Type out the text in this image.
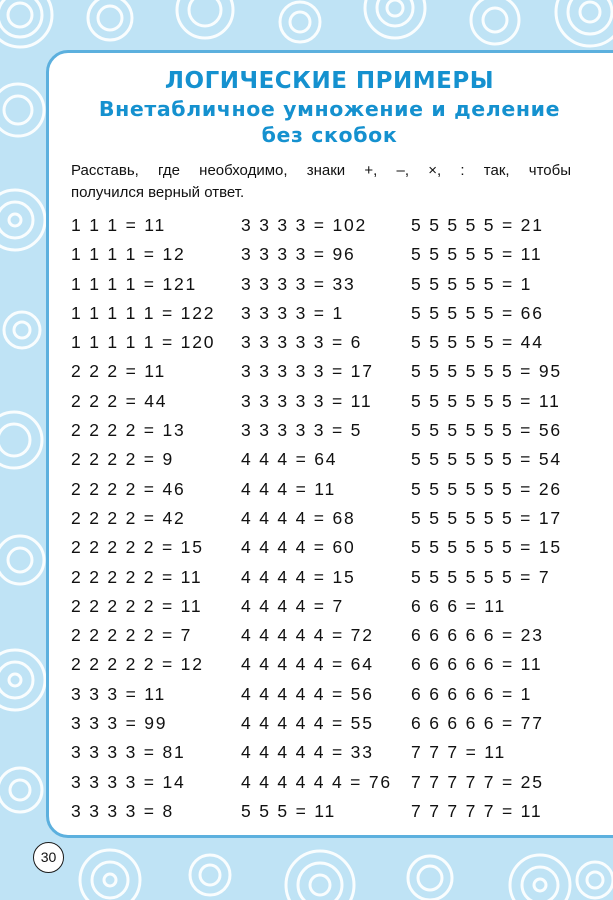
ЛОГИЧЕСКИЕ ПРИМЕРЫ
Внетабличное умножение и деление
без скобок
Расставь, где необходимо, знаки +, –, ×, : так, чтобы
получился верный ответ.
1 1 1 = 11
1 1 1 1 = 12
1 1 1 1 = 121
1 1 1 1 1 = 122
1 1 1 1 1 = 120
2 2 2 = 11
2 2 2 = 44
2 2 2 2 = 13
2 2 2 2 = 9
2 2 2 2 = 46
2 2 2 2 = 42
2 2 2 2 2 = 15
2 2 2 2 2 = 11
2 2 2 2 2 = 11
2 2 2 2 2 = 7
2 2 2 2 2 = 12
3 3 3 = 11
3 3 3 = 99
3 3 3 3 = 81
3 3 3 3 = 14
3 3 3 3 = 8
3 3 3 3 = 102
3 3 3 3 = 96
3 3 3 3 = 33
3 3 3 3 = 1
3 3 3 3 3 = 6
3 3 3 3 3 = 17
3 3 3 3 3 = 11
3 3 3 3 3 = 5
4 4 4 = 64
4 4 4 = 11
4 4 4 4 = 68
4 4 4 4 = 60
4 4 4 4 = 15
4 4 4 4 = 7
4 4 4 4 4 = 72
4 4 4 4 4 = 64
4 4 4 4 4 = 56
4 4 4 4 4 = 55
4 4 4 4 4 = 33
4 4 4 4 4 4 = 76
5 5 5 = 11
5 5 5 5 5 = 21
5 5 5 5 5 = 11
5 5 5 5 5 = 1
5 5 5 5 5 = 66
5 5 5 5 5 = 44
5 5 5 5 5 5 = 95
5 5 5 5 5 5 = 11
5 5 5 5 5 5 = 56
5 5 5 5 5 5 = 54
5 5 5 5 5 5 = 26
5 5 5 5 5 5 = 17
5 5 5 5 5 5 = 15
5 5 5 5 5 5 = 7
6 6 6 = 11
6 6 6 6 6 = 23
6 6 6 6 6 = 11
6 6 6 6 6 = 1
6 6 6 6 6 = 77
7 7 7 = 11
7 7 7 7 7 = 25
7 7 7 7 7 = 11
30
